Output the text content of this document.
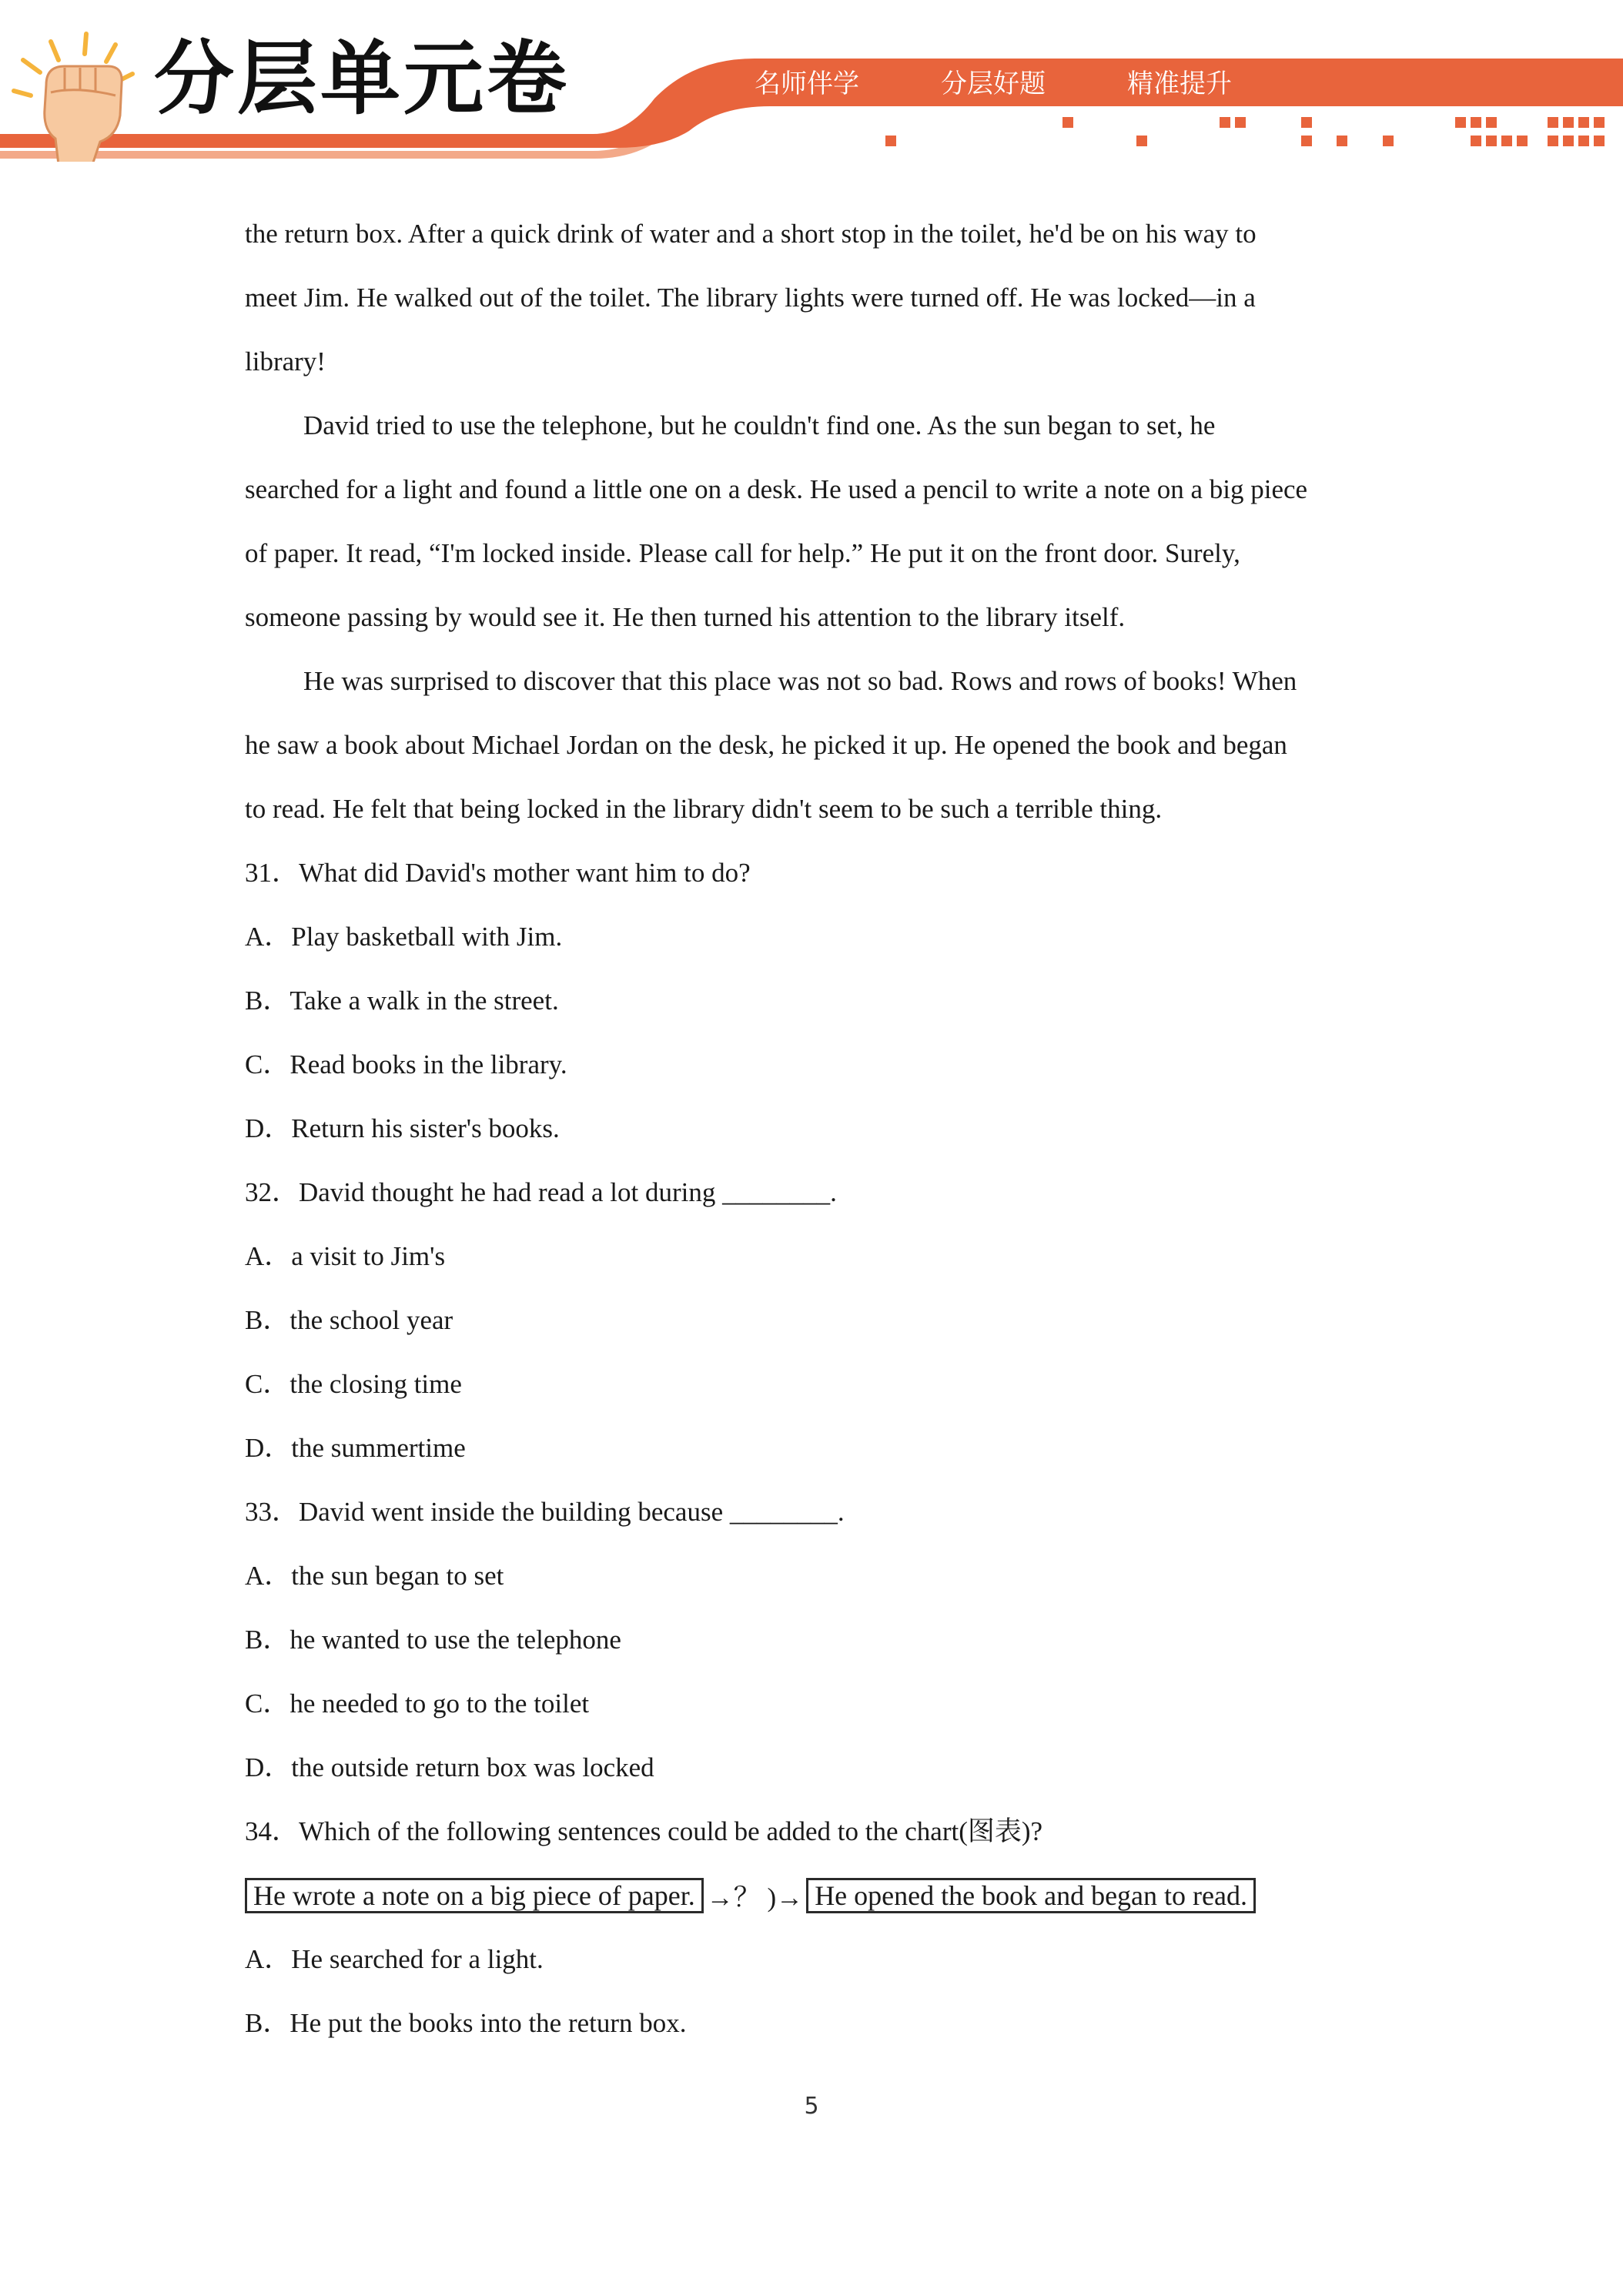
分层单元卷	名师伴学	分层好题	精准提升
the return box. After a quick drink of water and a short stop in the toilet, he'd be on his way to
meet Jim. He walked out of the toilet. The library lights were turned off. He was locked—in a
library!
David tried to use the telephone, but he couldn't find one. As the sun began to set, he
searched for a light and found a little one on a desk. He used a pencil to write a note on a big piece
of paper. It read, “I'm locked inside. Please call for help.” He put it on the front door. Surely,
someone passing by would see it. He then turned his attention to the library itself.
He was surprised to discover that this place was not so bad. Rows and rows of books! When
he saw a book about Michael Jordan on the desk, he picked it up. He opened the book and began
to read. He felt that being locked in the library didn't seem to be such a terrible thing.
31．What did David's mother want him to do?
A．Play basketball with Jim.
B．Take a walk in the street.
C．Read books in the library.
D．Return his sister's books.
32．David thought he had read a lot during ________.
A．a visit to Jim's
B．the school year
C．the closing time
D．the summertime
33．David went inside the building because ________.
A．the sun began to set
B．he wanted to use the telephone
C．he needed to go to the toilet
D．the outside return box was locked
34．Which of the following sentences could be added to the chart(图表)?
He wrote a note on a big piece of paper. →？ )→ He opened the book and began to read.
A．He searched for a light.
B．He put the books into the return box.
5
